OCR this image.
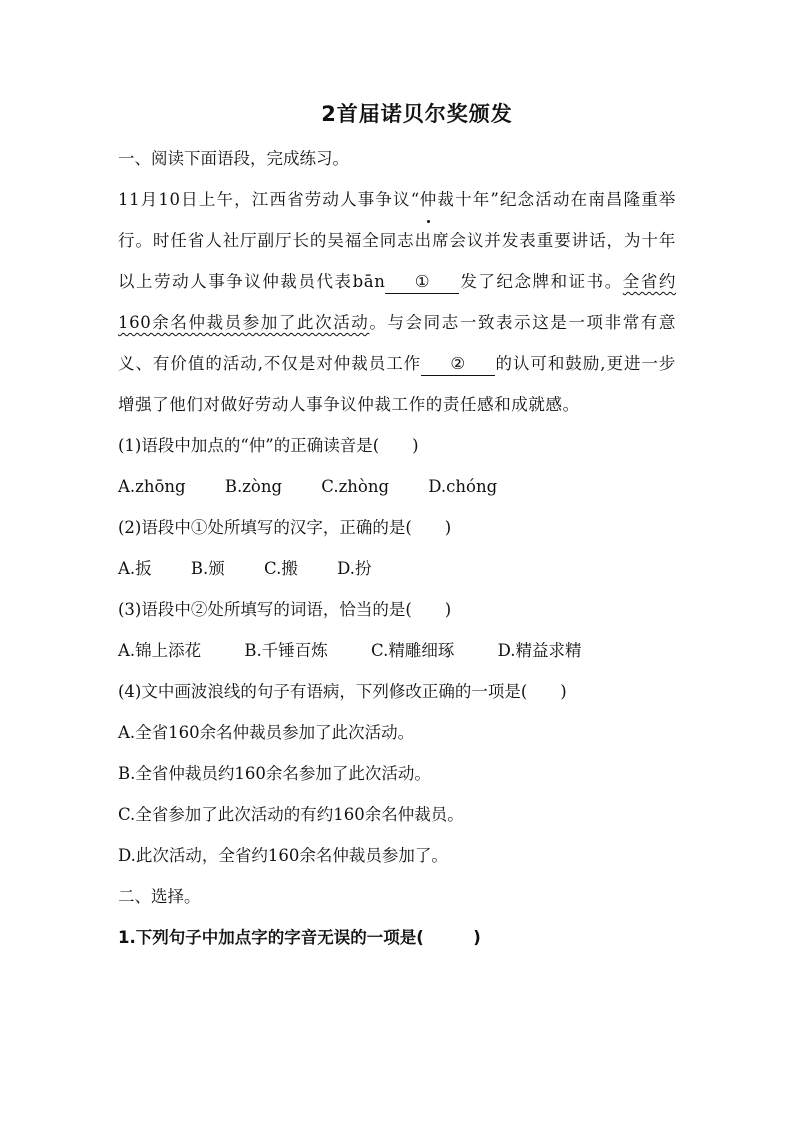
2首届诺贝尔奖颁发

一、阅读下面语段，完成练习。

11月10日上午，江西省劳动人事争议“仲裁十年”纪念活动在南昌隆重举行。时任省人社厅副厅长的吴福全同志出席会议并发表重要讲话，为十年以上劳动人事争议仲裁员代表bān ① 发了纪念牌和证书。全省约160余名仲裁员参加了此次活动。与会同志一致表示这是一项非常有意义、有价值的活动,不仅是对仲裁员工作 ② 的认可和鼓励,更进一步增强了他们对做好劳动人事争议仲裁工作的责任感和成就感。

(1)语段中加点的“仲”的正确读音是(　　)

A.zhōng B.zòng C.zhòng D.chóng

(2)语段中①处所填写的汉字，正确的是(　　)

A.扳 B.颁 C.搬 D.扮

(3)语段中②处所填写的词语，恰当的是(　　)

A.锦上添花	B.千锤百炼	C.精雕细琢	D.精益求精

(4)文中画波浪线的句子有语病，下列修改正确的一项是(　　)

A.全省160余名仲裁员参加了此次活动。

B.全省仲裁员约160余名参加了此次活动。

C.全省参加了此次活动的有约160余名仲裁员。

D.此次活动，全省约160余名仲裁员参加了。

二、选择。

1.下列句子中加点字的字音无误的一项是(　　　)
